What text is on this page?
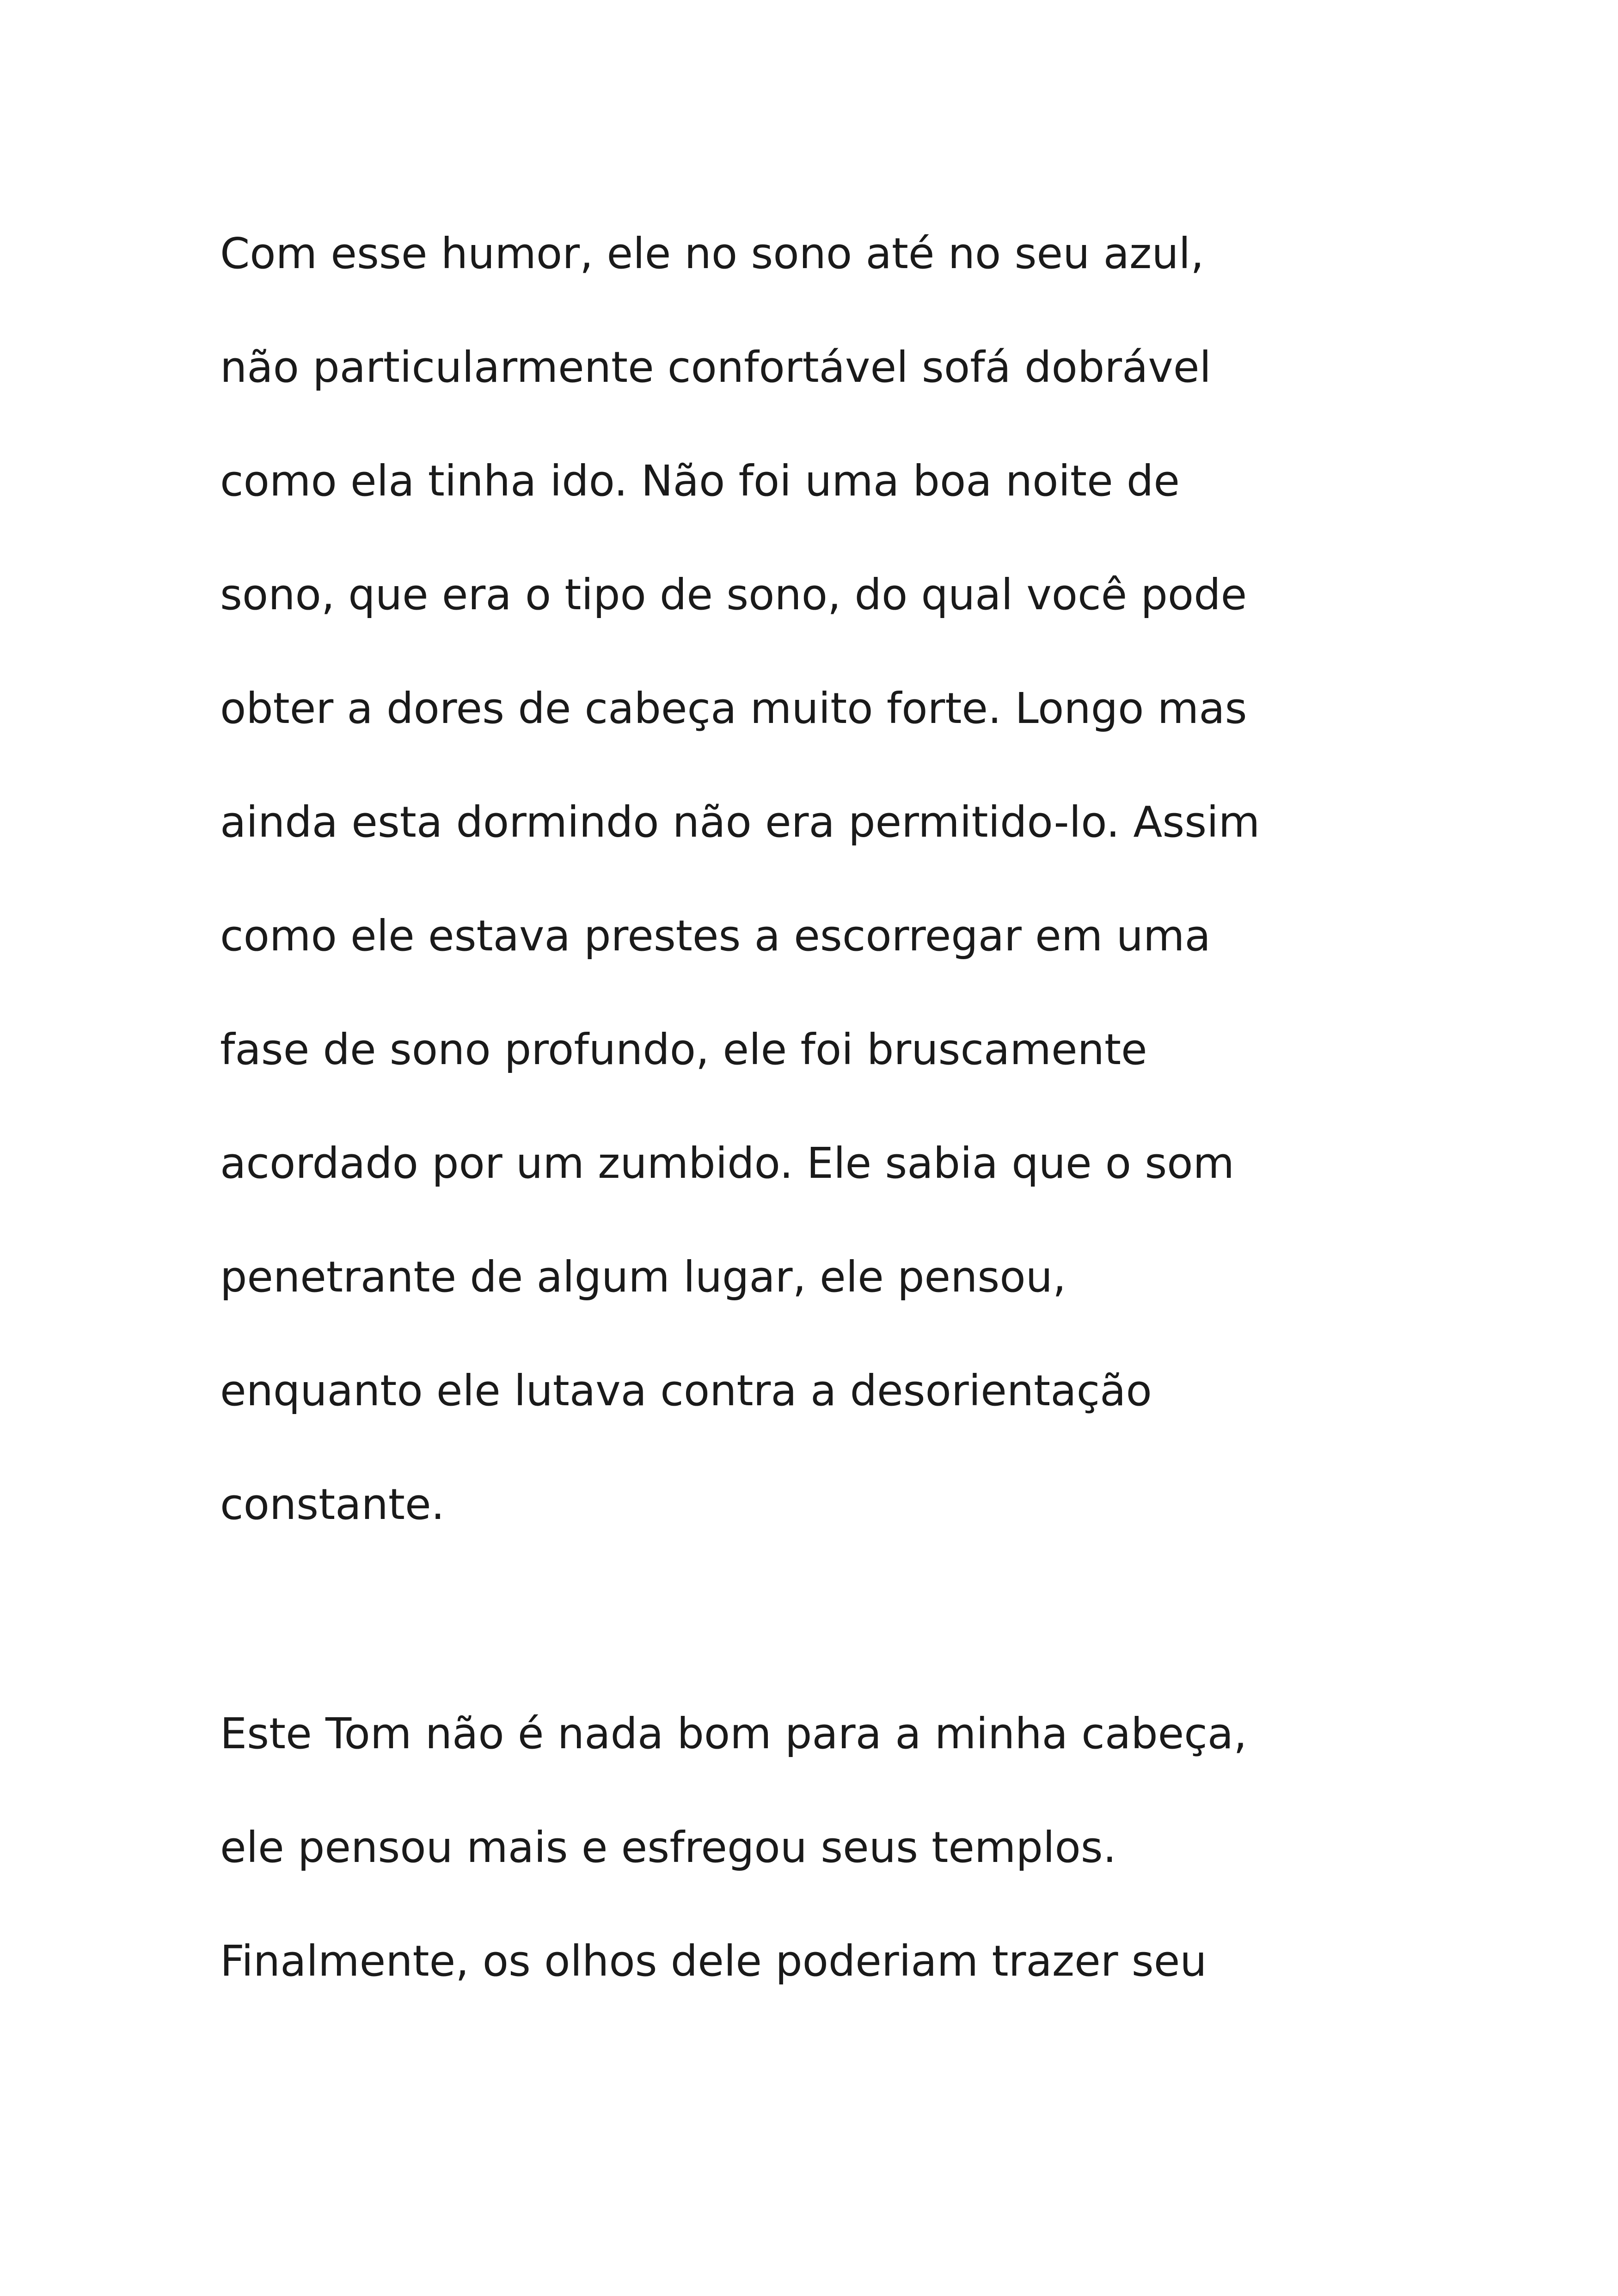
Com esse humor, ele no sono até no seu azul,
não particularmente confortável sofá dobrável
como ela tinha ido. Não foi uma boa noite de
sono, que era o tipo de sono, do qual você pode
obter a dores de cabeça muito forte. Longo mas
ainda esta dormindo não era permitido-lo. Assim
como ele estava prestes a escorregar em uma
fase de sono profundo, ele foi bruscamente
acordado por um zumbido. Ele sabia que o som
penetrante de algum lugar, ele pensou,
enquanto ele lutava contra a desorientação
constante.
Este Tom não é nada bom para a minha cabeça,
ele pensou mais e esfregou seus templos.
Finalmente, os olhos dele poderiam trazer seu
